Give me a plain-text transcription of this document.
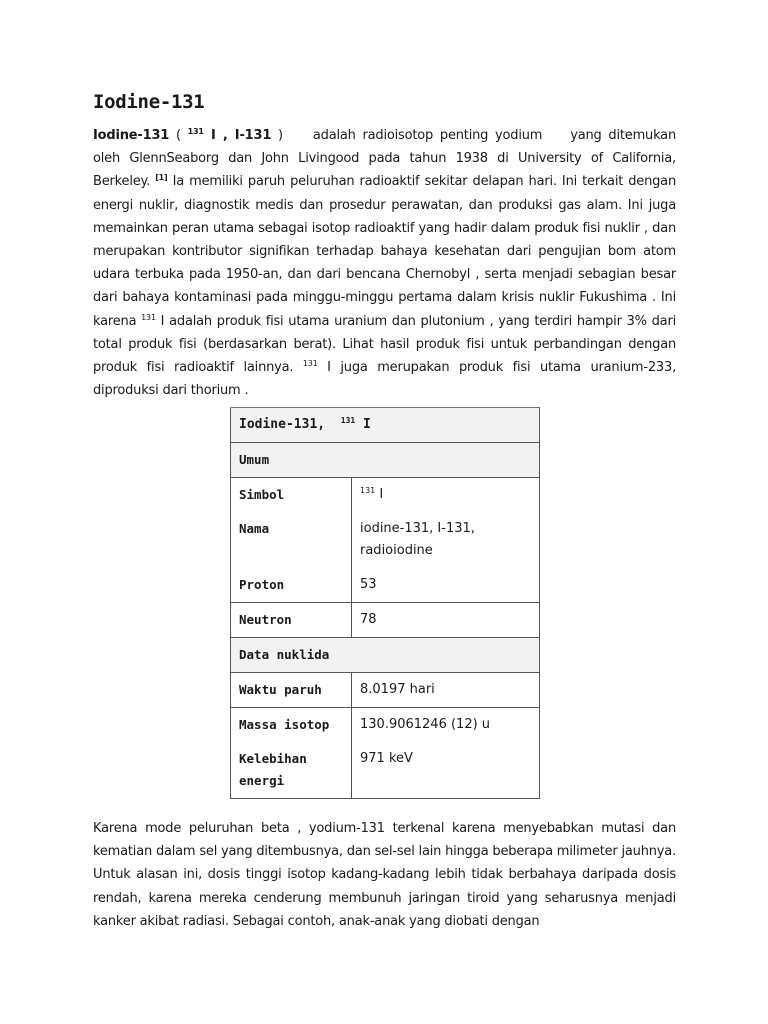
Iodine-131

Iodine-131 ( $^{131}$ I , I-131 ) adalah radioisotop penting yodium yang ditemukan oleh GlennSeaborg dan John Livingood pada tahun 1938 di University of California, Berkeley. [1] Ia memiliki paruh peluruhan radioaktif sekitar delapan hari. Ini terkait dengan energi nuklir, diagnostik medis dan prosedur perawatan, dan produksi gas alam. Ini juga memainkan peran utama sebagai isotop radioaktif yang hadir dalam produk fisi nuklir , dan merupakan kontributor signifikan terhadap bahaya kesehatan dari pengujian bom atom udara terbuka pada 1950-an, dan dari bencana Chernobyl , serta menjadi sebagian besar dari bahaya kontaminasi pada minggu-minggu pertama dalam krisis nuklir Fukushima . Ini karena $^{131}$ I adalah produk fisi utama uranium dan plutonium , yang terdiri hampir 3% dari total produk fisi (berdasarkan berat). Lihat hasil produk fisi untuk perbandingan dengan produk fisi radioaktif lainnya. $^{131}$ I juga merupakan produk fisi utama uranium-233, diproduksi dari thorium .

Iodine-131, $^{131}$ I	
Umum	
Simbol	$^{131}$ I
Nama	iodine-131, I-131, radioiodine
Proton	53
Neutron	78
Data nuklida	
Waktu paruh	8.0197 hari
Massa isotop	130.9061246 (12) u
Kelebihan energi	971 keV

Karena mode peluruhan beta , yodium-131 terkenal karena menyebabkan mutasi dan kematian dalam sel yang ditembusnya, dan sel-sel lain hingga beberapa milimeter jauhnya. Untuk alasan ini, dosis tinggi isotop kadang-kadang lebih tidak berbahaya daripada dosis rendah, karena mereka cenderung membunuh jaringan tiroid yang seharusnya menjadi kanker akibat radiasi. Sebagai contoh, anak-anak yang diobati dengan
